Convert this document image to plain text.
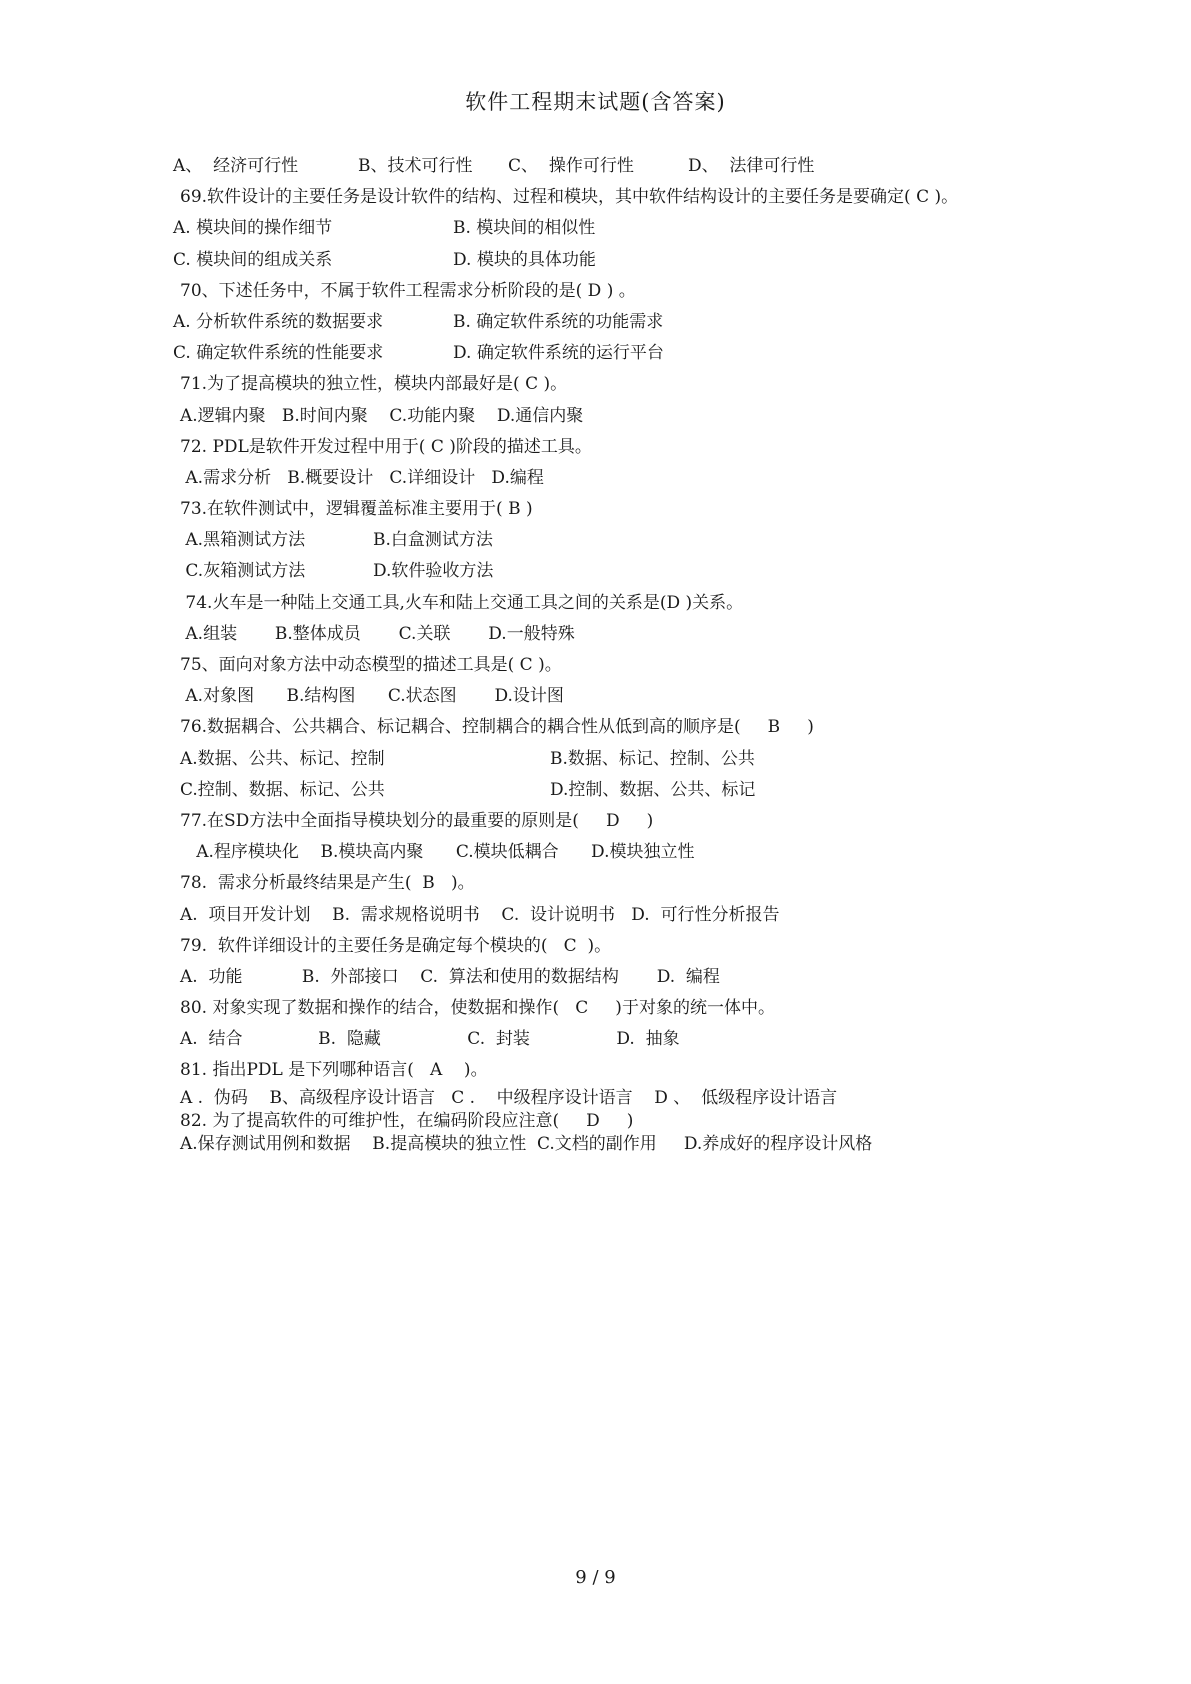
软件工程期末试题(含答案)

A、  经济可行性

	B、技术可行性

C、  操作可行性

	D、  法律可行性

69.软件设计的主要任务是设计软件的结构、过程和模块，其中软件结构设计的主要任务是要确定( C )。

A. 模块间的操作细节

	B. 模块间的相似性

C. 模块间的组成关系

	D. 模块的具体功能

70、下述任务中，不属于软件工程需求分析阶段的是( D ) 。

A. 分析软件系统的数据要求

	B. 确定软件系统的功能需求

C. 确定软件系统的性能要求

	D. 确定软件系统的运行平台

71.为了提高模块的独立性，模块内部最好是( C )。
A.逻辑内聚   B.时间内聚    C.功能内聚    D.通信内聚
72. PDL是软件开发过程中用于( C )阶段的描述工具。
A.需求分析   B.概要设计   C.详细设计   D.编程
73.在软件测试中，逻辑覆盖标准主要用于( B )

A.黑箱测试方法

	B.白盒测试方法

C.灰箱测试方法

	D.软件验收方法

74.火车是一种陆上交通工具,火车和陆上交通工具之间的关系是(D )关系。
A.组装       B.整体成员       C.关联       D.一般特殊
75、面向对象方法中动态模型的描述工具是( C )。
A.对象图      B.结构图      C.状态图       D.设计图
76.数据耦合、公共耦合、标记耦合、控制耦合的耦合性从低到高的顺序是(     B     )

A.数据、公共、标记、控制

	B.数据、标记、控制、公共

C.控制、数据、标记、公共

	D.控制、数据、公共、标记

77.在SD方法中全面指导模块划分的最重要的原则是(     D     )
A.程序模块化    B.模块高内聚      C.模块低耦合      D.模块独立性
78.  需求分析最终结果是产生(  B   )。
A.  项目开发计划    B.  需求规格说明书    C.  设计说明书   D.  可行性分析报告
79.  软件详细设计的主要任务是确定每个模块的(   C  )。
A.  功能           B.  外部接口    C.  算法和使用的数据结构       D.  编程
80. 对象实现了数据和操作的结合，使数据和操作(   C     )于对象的统一体中。
A.  结合              B.  隐藏                C.  封装                D.  抽象
81. 指出PDL 是下列哪种语言(   A    )。
A .  伪码    B、高级程序设计语言   C .    中级程序设计语言    D 、  低级程序设计语言
82. 为了提高软件的可维护性，在编码阶段应注意(     D     )
A.保存测试用例和数据    B.提高模块的独立性  C.文档的副作用     D.养成好的程序设计风格
9 / 9
